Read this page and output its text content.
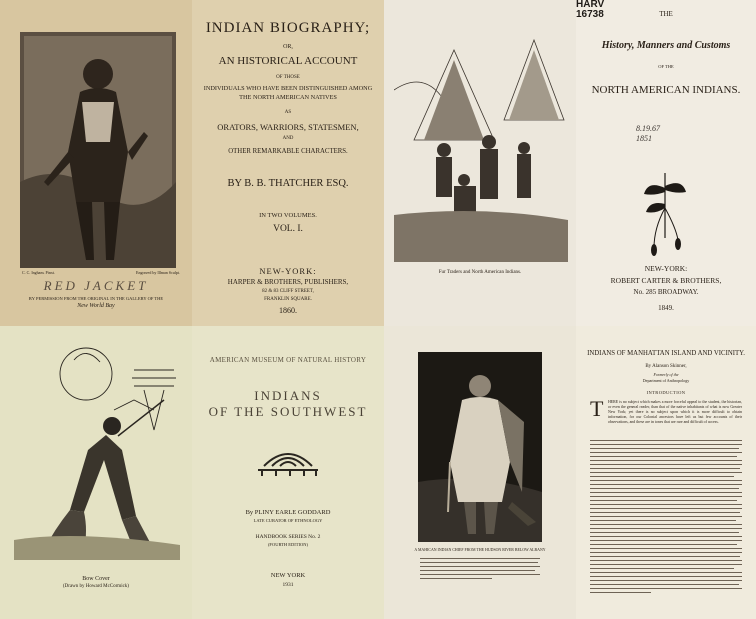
C. C. Ingham. Pinxt.	Engraved by Illman Sculpt.
RED JACKET
BY PERMISSION FROM THE ORIGINAL IN THE GALLERY OF THE
New World Bay
INDIAN BIOGRAPHY;
OR,
AN HISTORICAL ACCOUNT
OF THOSE
INDIVIDUALS WHO HAVE BEEN DISTINGUISHED AMONG
THE NORTH AMERICAN NATIVES
AS
ORATORS, WARRIORS, STATESMEN,
AND
OTHER REMARKABLE CHARACTERS.
BY B. B. THATCHER ESQ.
IN TWO VOLUMES.
VOL. I.
NEW-YORK:
HARPER & BROTHERS, PUBLISHERS,
82 & 83 CLIFF STREET,
FRANKLIN SQUARE.
1860.
Fur Traders and North American Indians.
HARV
16738	THE
History, Manners and Customs
OF THE
NORTH AMERICAN INDIANS.
8.19.67
1851
NEW-YORK:
ROBERT CARTER & BROTHERS,
No. 285 BROADWAY.
1849.
Bow Cover
(Drawn by Howard McCormick)
AMERICAN MUSEUM OF NATURAL HISTORY
INDIANS
OF THE SOUTHWEST
By PLINY EARLE GODDARD
LATE CURATOR OF ETHNOLOGY
HANDBOOK SERIES No. 2
(FOURTH EDITION)
NEW YORK
1931
A MAHICAN INDIAN CHIEF FROM THE HUDSON RIVER BELOW ALBANY
INDIANS OF MANHATTAN ISLAND AND VICINITY.
By Alanson Skinner,
Formerly of the
Department of Anthropology
INTRODUCTION
T HERE is no subject which makes a more forceful appeal to the student, the historian, or even the general reader, than that of the native inhabitants of what is now Greater New York; yet there is no subject upon which it is more difficult to obtain information, for our Colonial ancestors have left us but few accounts of their observations, and these are in tones that are rare and difficult of access.
